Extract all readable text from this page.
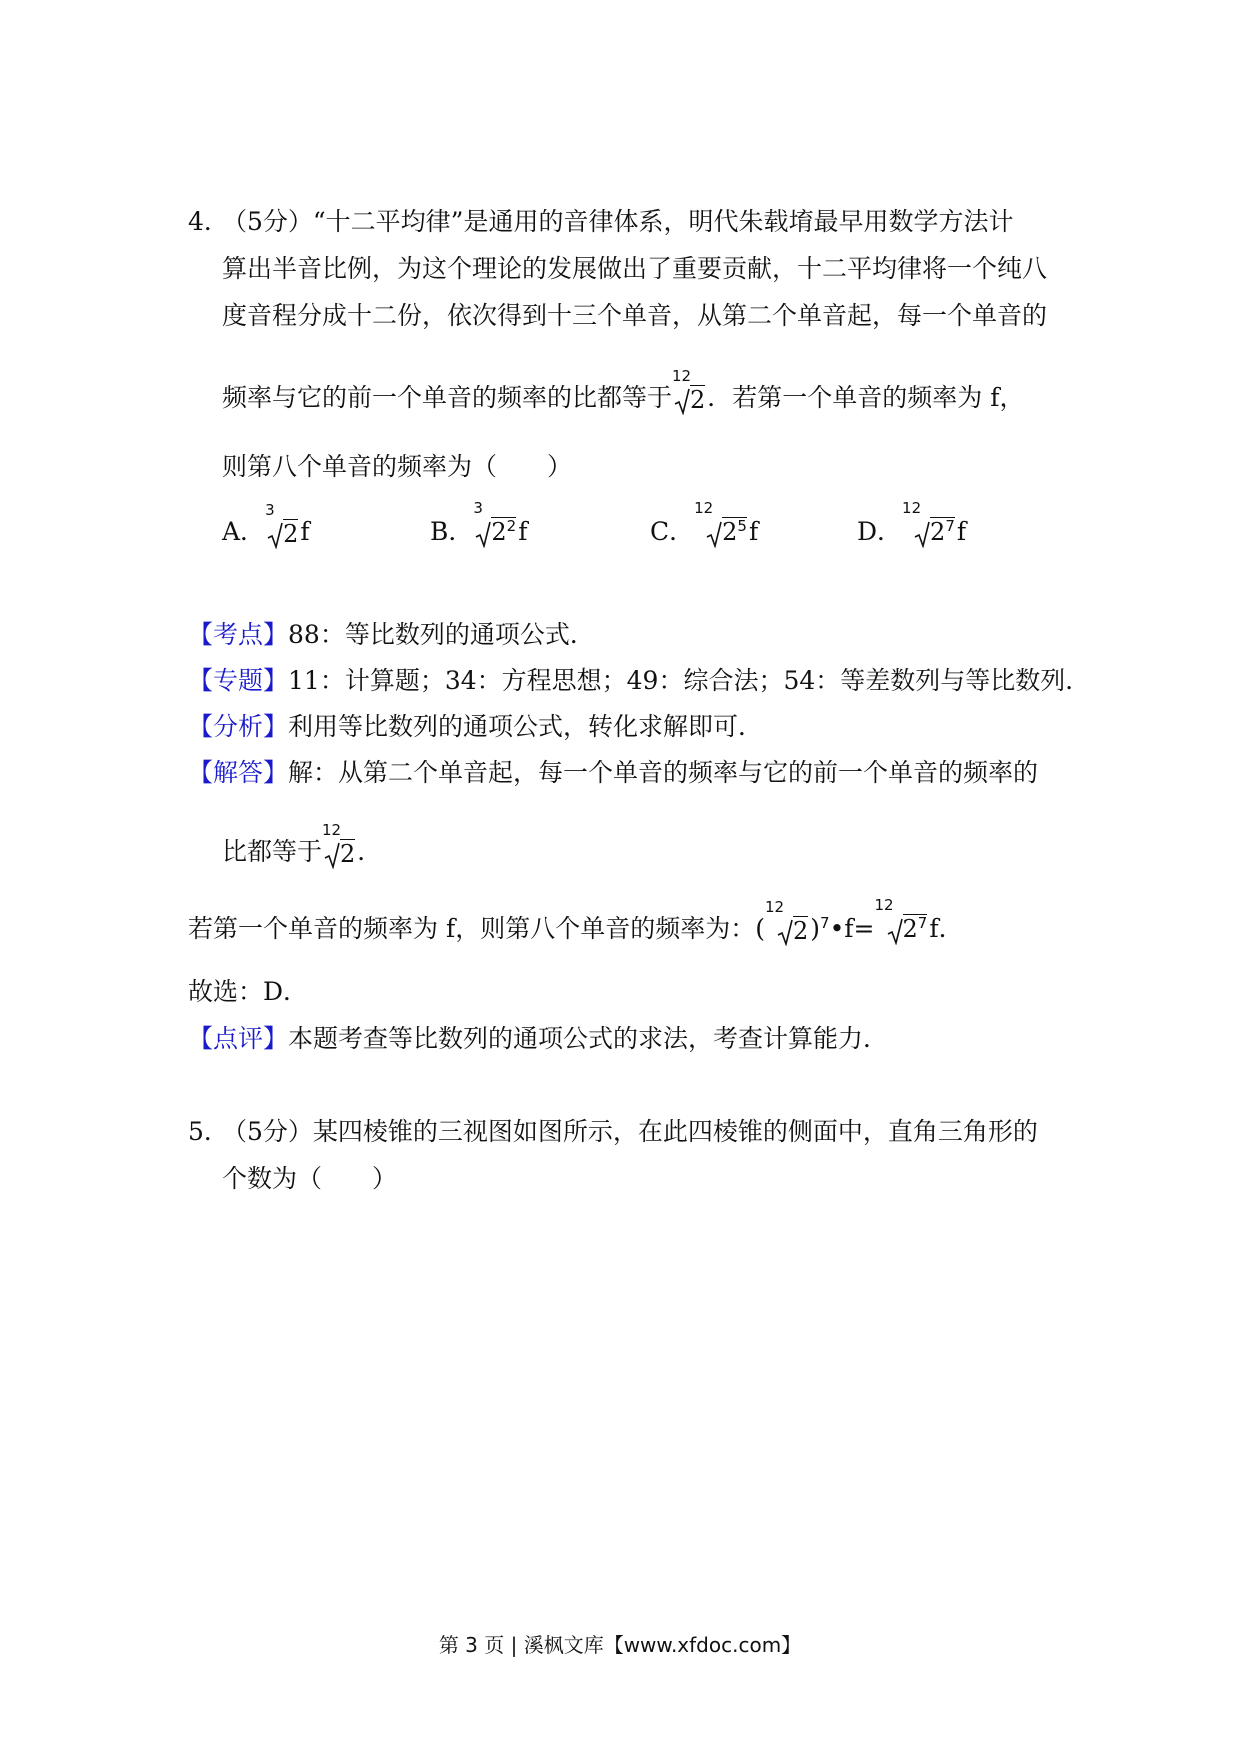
4．
（5分）“十二平均律”是通用的音律体系，明代朱载堉最早用数学方法计
算出半音比例，为这个理论的发展做出了重要贡献，十二平均律将一个纯八
度音程分成十二份，依次得到十三个单音，从第二个单音起，每一个单音的
频率与它的前一个单音的频率的比都等于
12
2．若第一个单音的频率为 f，
则第八个单音的频率为（　　）
A．
3
2f	B．
3
$2^2f$	C．
12
$2^5f$	D．
12
$2^7f$
【考点】88：等比数列的通项公式．
【专题】11：计算题；34：方程思想；49：综合法；54：等差数列与等比数列．
【分析】利用等比数列的通项公式，转化求解即可．
【解答】解：从第二个单音起，每一个单音的频率与它的前一个单音的频率的
比都等于
12
2．
若第一个单音的频率为 f，则第八个单音的频率为：(
12
2)$^7$•f=
12
$2^7f$．
故选：D．
【点评】本题考查等比数列的通项公式的求法，考查计算能力．
5．
（5分）某四棱锥的三视图如图所示，在此四棱锥的侧面中，直角三角形的
个数为（　　）
第 3 页 | 溪枫文库【www.xfdoc.com】
